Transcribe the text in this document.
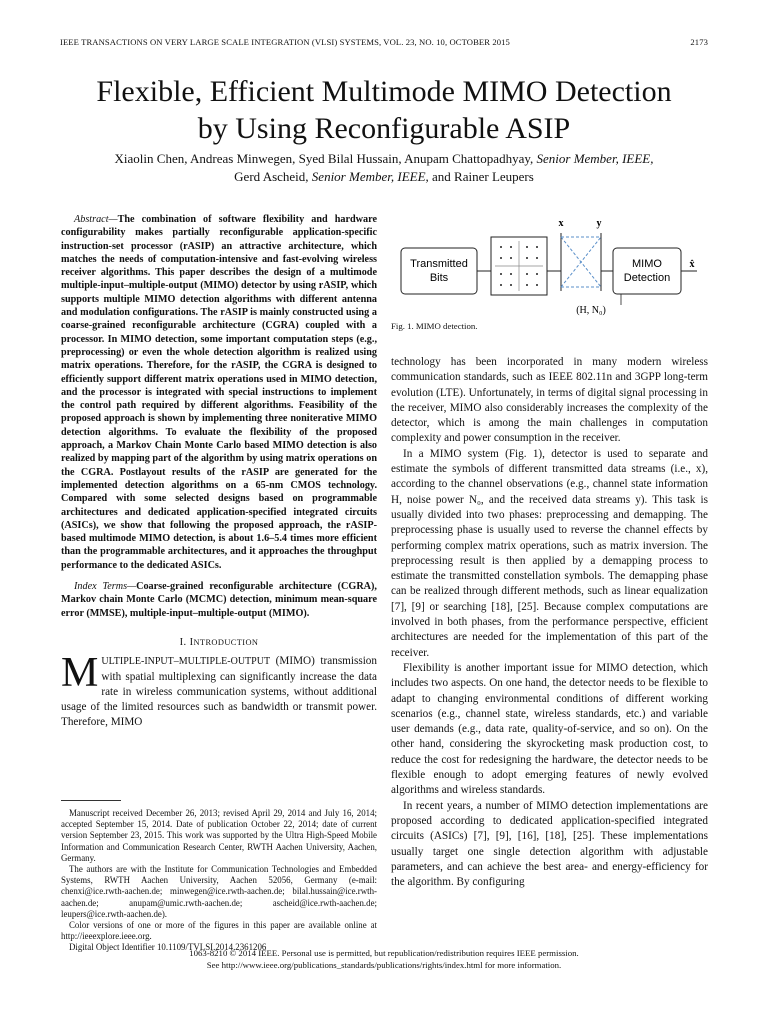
IEEE TRANSACTIONS ON VERY LARGE SCALE INTEGRATION (VLSI) SYSTEMS, VOL. 23, NO. 10, OCTOBER 2015	2173
Flexible, Efficient Multimode MIMO Detection
by Using Reconfigurable ASIP
Xiaolin Chen, Andreas Minwegen, Syed Bilal Hussain, Anupam Chattopadhyay, Senior Member, IEEE,
Gerd Ascheid, Senior Member, IEEE, and Rainer Leupers

Abstract—The combination of software flexibility and hardware configurability makes partially reconfigurable application-specific instruction-set processor (rASIP) an attractive architecture, which matches the needs of computation-intensive and fast-evolving wireless receiver algorithms. This paper describes the design of a multimode multiple-input–multiple-output (MIMO) detector by using rASIP, which supports multiple MIMO detection algorithms with different antenna and modulation configurations. The rASIP is mainly constructed using a coarse-grained reconfigurable architecture (CGRA) coupled with a processor. In MIMO detection, some important computation steps (e.g., preprocessing) or even the whole detection algorithm is realized using matrix operations. Therefore, for the rASIP, the CGRA is designed to efficiently support different matrix operations used in MIMO detection, and the processor is integrated with special instructions to implement the control path required by different algorithms. Feasibility of the proposed approach is shown by implementing three noniterative MIMO detection algorithms. To evaluate the flexibility of the proposed approach, a Markov Chain Monte Carlo based MIMO detection is also realized by mapping part of the algorithm by using matrix operations on the CGRA. Postlayout results of the rASIP are generated for the implemented detection algorithms on a 65-nm CMOS technology. Compared with some selected designs based on programmable architectures and dedicated application-specified integrated circuits (ASICs), we show that following the proposed approach, the rASIP-based multimode MIMO detection, is about 1.6–5.4 times more efficient than the programmable architectures, and it approaches the throughput performance to the dedicated ASICs.

Index Terms—Coarse-grained reconfigurable architecture (CGRA), Markov chain Monte Carlo (MCMC) detection, minimum mean-square error (MMSE), multiple-input–multiple-output (MIMO).

I. INTRODUCTION

MULTIPLE-INPUT–MULTIPLE-OUTPUT (MIMO) transmission with spatial multiplexing can significantly increase the data rate in wireless communication systems, without additional usage of the limited resources such as bandwidth or transmit power. Therefore, MIMO

Manuscript received December 26, 2013; revised April 29, 2014 and July 16, 2014; accepted September 15, 2014. Date of publication October 22, 2014; date of current version September 23, 2015. This work was supported by the Ultra High-Speed Mobile Information and Communication Research Center, RWTH Aachen University, Aachen, Germany.

The authors are with the Institute for Communication Technologies and Embedded Systems, RWTH Aachen University, Aachen 52056, Germany (e-mail: chenxi@ice.rwth-aachen.de; minwegen@ice.rwth-aachen.de; bilal.hussain@ice.rwth-aachen.de; anupam@umic.rwth-aachen.de; ascheid@ice.rwth-aachen.de; leupers@ice.rwth-aachen.de).

Color versions of one or more of the figures in this paper are available online at http://ieeexplore.ieee.org.

Digital Object Identifier 10.1109/TVLSI.2014.2361206

Transmitted
Bits
x	y
MIMO
Detection
x̂
(H, N₀)
Fig. 1. MIMO detection.

technology has been incorporated in many modern wireless communication standards, such as IEEE 802.11n and 3GPP long-term evolution (LTE). Unfortunately, in terms of digital signal processing in the receiver, MIMO also considerably increases the complexity of the detector, which is among the main challenges in computation complexity and power consumption in the receiver.

In a MIMO system (Fig. 1), detector is used to separate and estimate the symbols of different transmitted data streams (i.e., x), according to the channel observations (e.g., channel state information H, noise power N₀, and the received data streams y). This task is usually divided into two phases: preprocessing and demapping. The preprocessing phase is usually used to reverse the channel effects by performing complex matrix operations, such as matrix inversion. The preprocessing result is then applied by a demapping process to estimate the transmitted constellation symbols. The demapping phase can be realized through different methods, such as linear equalization [7], [9] or searching [18], [25]. Because complex computations are involved in both phases, from the performance perspective, efficient architectures are needed for the implementation of this part of the receiver.

Flexibility is another important issue for MIMO detection, which includes two aspects. On one hand, the detector needs to be flexible to adapt to changing environmental conditions of different working scenarios (e.g., channel state, wireless standards, etc.) and variable user demands (e.g., data rate, quality-of-service, and so on). On the other hand, considering the skyrocketing mask production cost, to reduce the cost for redesigning the hardware, the detector needs to be flexible enough to adopt emerging features of newly evolved algorithms and wireless standards.

In recent years, a number of MIMO detection implementations are proposed according to dedicated application-specified integrated circuits (ASICs) [7], [9], [16], [18], [25]. These implementations usually target one single detection algorithm with adjustable parameters, and can achieve the best area- and energy-efficiency for the algorithm. By configuring

1063-8210 © 2014 IEEE. Personal use is permitted, but republication/redistribution requires IEEE permission.
See http://www.ieee.org/publications_standards/publications/rights/index.html for more information.
